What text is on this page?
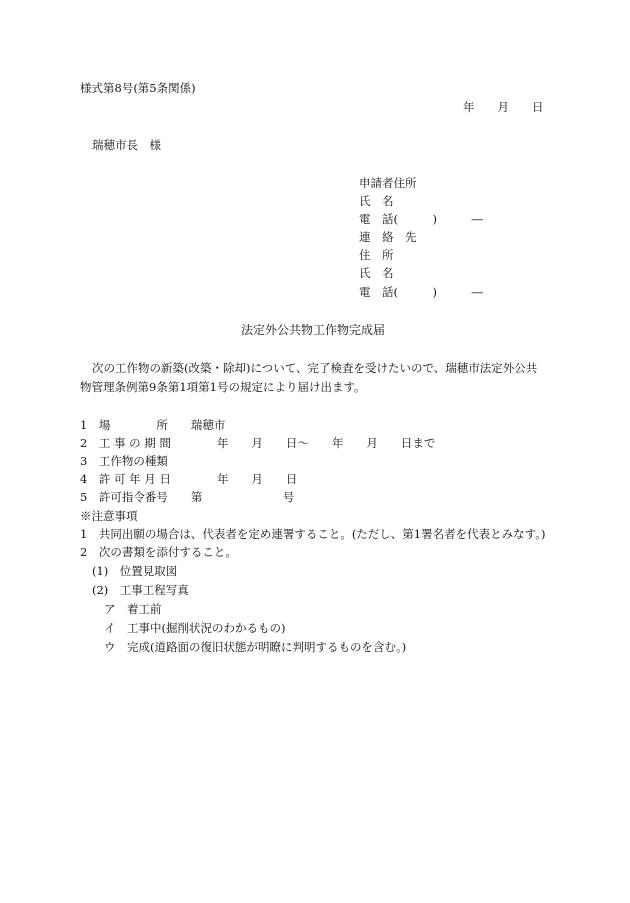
様式第8号(第5条関係)
年　　月　　日
瑞穂市長　様
申請者住所
氏　名
電　話(　　　)　　　―
連　絡　先
住　所
氏　名
電　話(　　　)　　　―
法定外公共物工作物完成届
次の工作物の新築(改築・除却)について、完了検査を受けたいので、瑞穂市法定外公共
物管理条例第9条第1項第1号の規定により届け出ます。
1　場　　　　所　　瑞穂市
2　工 事 の 期 間　　　　年　　月　　日～　　年　　月　　日まで
3　工作物の種類
4　許 可 年 月 日　　　　年　　月　　日
5　許可指令番号　　第　　　　　　　号
※注意事項
1　共同出願の場合は、代表者を定め連署すること。(ただし、第1署名者を代表とみなす。)
2　次の書類を添付すること。
(1)　位置見取図
(2)　工事工程写真
ア　着工前
イ　工事中(掘削状況のわかるもの)
ウ　完成(道路面の復旧状態が明瞭に判明するものを含む。)
